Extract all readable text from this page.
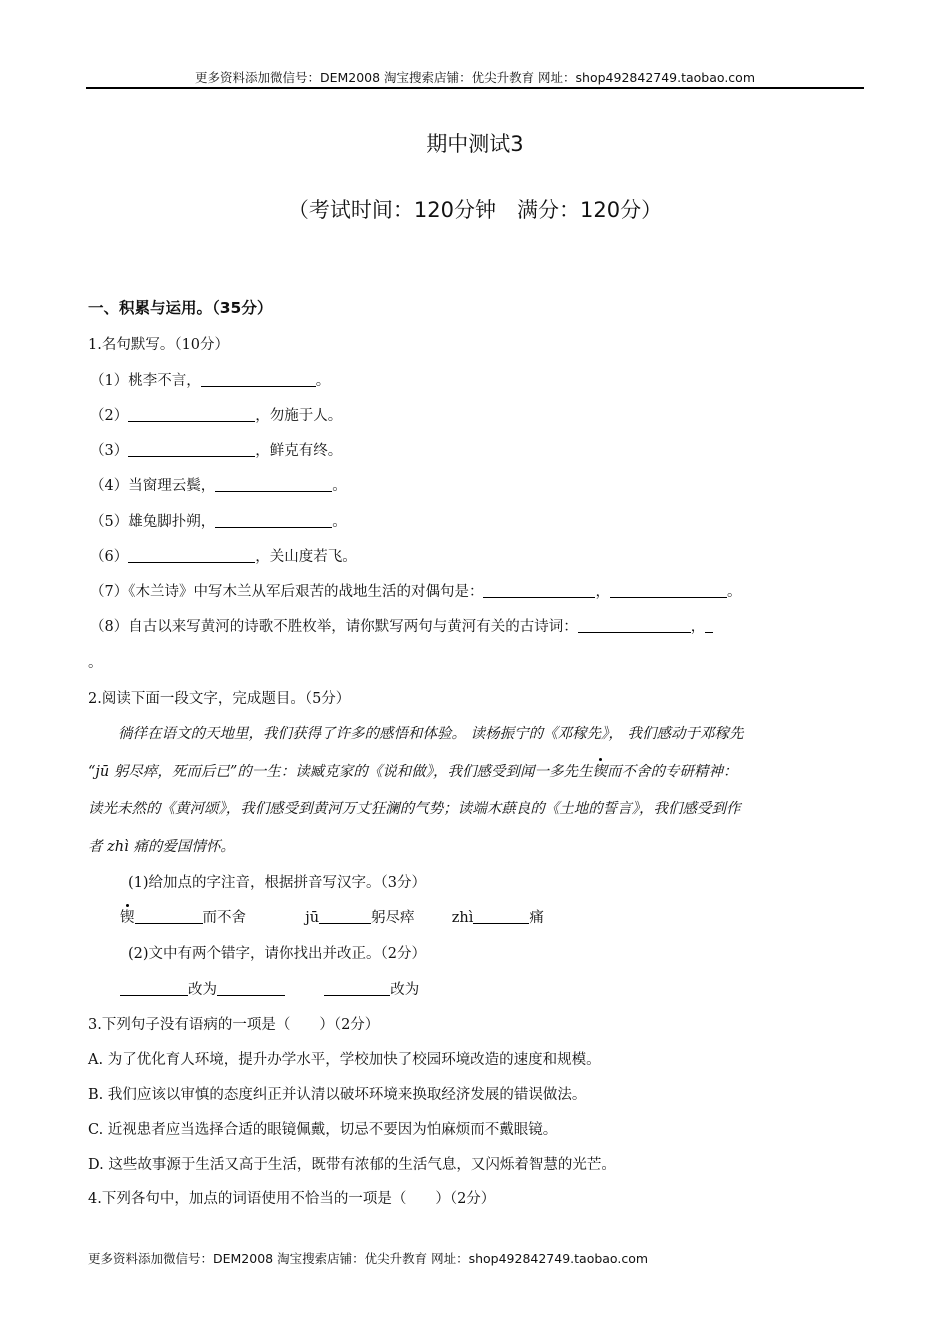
更多资料添加微信号：DEM2008 淘宝搜索店铺：优尖升教育 网址：shop492842749.taobao.com
期中测试3
（考试时间：120分钟　满分：120分）
一、积累与运用。（35分）
1.名句默写。（10分）
（1）桃李不言，	。
（2）	，勿施于人。
（3）	，鲜克有终。
（4）当窗理云鬓，	。
（5）雄兔脚扑朔，	。
（6）	，关山度若飞。
（7）《木兰诗》中写木兰从军后艰苦的战地生活的对偶句是：	，	。
（8）自古以来写黄河的诗歌不胜枚举，请你默写两句与黄河有关的古诗词：	，
。
2.阅读下面一段文字，完成题目。（5分）
徜徉在语文的天地里，我们获得了许多的感悟和体验。 读杨振宁的《邓稼先》， 我们感动于邓稼先
“jū 躬尽瘁，死而后已”的一生：读臧克家的《说和做》，我们感受到闻一多先生锲而不舍的专研精神：
读光未然的《黄河颂》，我们感受到黄河万丈狂澜的气势；读端木蕻良的《土地的誓言》，我们感受到作
者 zhì 痛的爱国情怀。
(1)给加点的字注音，根据拼音写汉字。（3分）
锲	而不舍	jū	躬尽瘁	zhì	痛
(2)文中有两个错字，请你找出并改正。（2分）
改为	改为
3.下列句子没有语病的一项是（　　）（2分）
A. 为了优化育人环境，提升办学水平，学校加快了校园环境改造的速度和规模。
B. 我们应该以审慎的态度纠正并认清以破坏环境来换取经济发展的错误做法。
C. 近视患者应当选择合适的眼镜佩戴，切忌不要因为怕麻烦而不戴眼镜。
D. 这些故事源于生活又高于生活，既带有浓郁的生活气息，又闪烁着智慧的光芒。
4.下列各句中，加点的词语使用不恰当的一项是（　　）（2分）
更多资料添加微信号：DEM2008 淘宝搜索店铺：优尖升教育 网址：shop492842749.taobao.com
